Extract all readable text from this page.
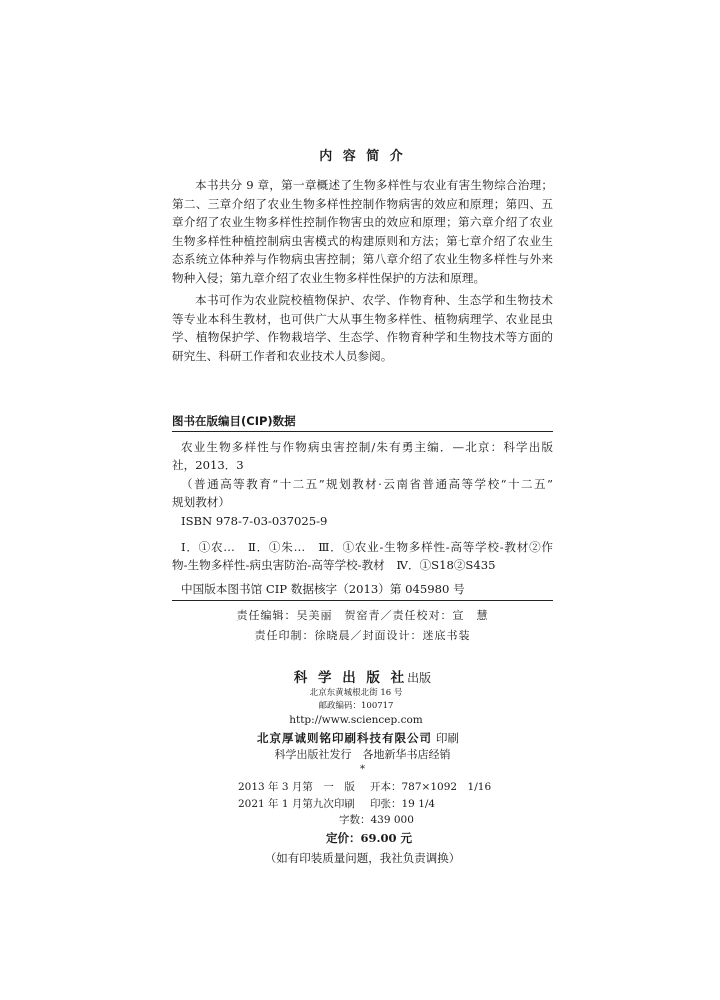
内 容 简 介
本书共分 9 章，第一章概述了生物多样性与农业有害生物综合治理；
第二、三章介绍了农业生物多样性控制作物病害的效应和原理；第四、五
章介绍了农业生物多样性控制作物害虫的效应和原理；第六章介绍了农业
生物多样性种植控制病虫害模式的构建原则和方法；第七章介绍了农业生
态系统立体种养与作物病虫害控制；第八章介绍了农业生物多样性与外来
物种入侵；第九章介绍了农业生物多样性保护的方法和原理。
本书可作为农业院校植物保护、农学、作物育种、生态学和生物技术
等专业本科生教材，也可供广大从事生物多样性、植物病理学、农业昆虫
学、植物保护学、作物栽培学、生态学、作物育种学和生物技术等方面的
研究生、科研工作者和农业技术人员参阅。
图书在版编目(CIP)数据
农业生物多样性与作物病虫害控制/朱有勇主编．—北京：科学出版
社，2013．3
（普通高等教育“十二五”规划教材·云南省普通高等学校“十二五”
规划教材）
ISBN 978-7-03-037025-9
Ⅰ．①农…　Ⅱ．①朱…　Ⅲ．①农业-生物多样性-高等学校-教材②作
物-生物多样性-病虫害防治-高等学校-教材　Ⅳ．①S18②S435
中国版本图书馆 CIP 数据核字（2013）第 045980 号
责任编辑：吴美丽　贺窑青／责任校对：宣　慧
责任印制：徐晓晨／封面设计：迷底书装
科 学 出 版 社出版
北京东黄城根北街 16 号
邮政编码：100717
http://www.sciencep.com
北京厚诚则铭印刷科技有限公司 印刷
科学出版社发行　各地新华书店经销
*
2013 年 3 月第　一　版 开本：787×1092　1/16
2021 年 1 月第九次印刷 印张：19 1/4
字数：439 000
定价：69.00 元
（如有印装质量问题，我社负责调换）
